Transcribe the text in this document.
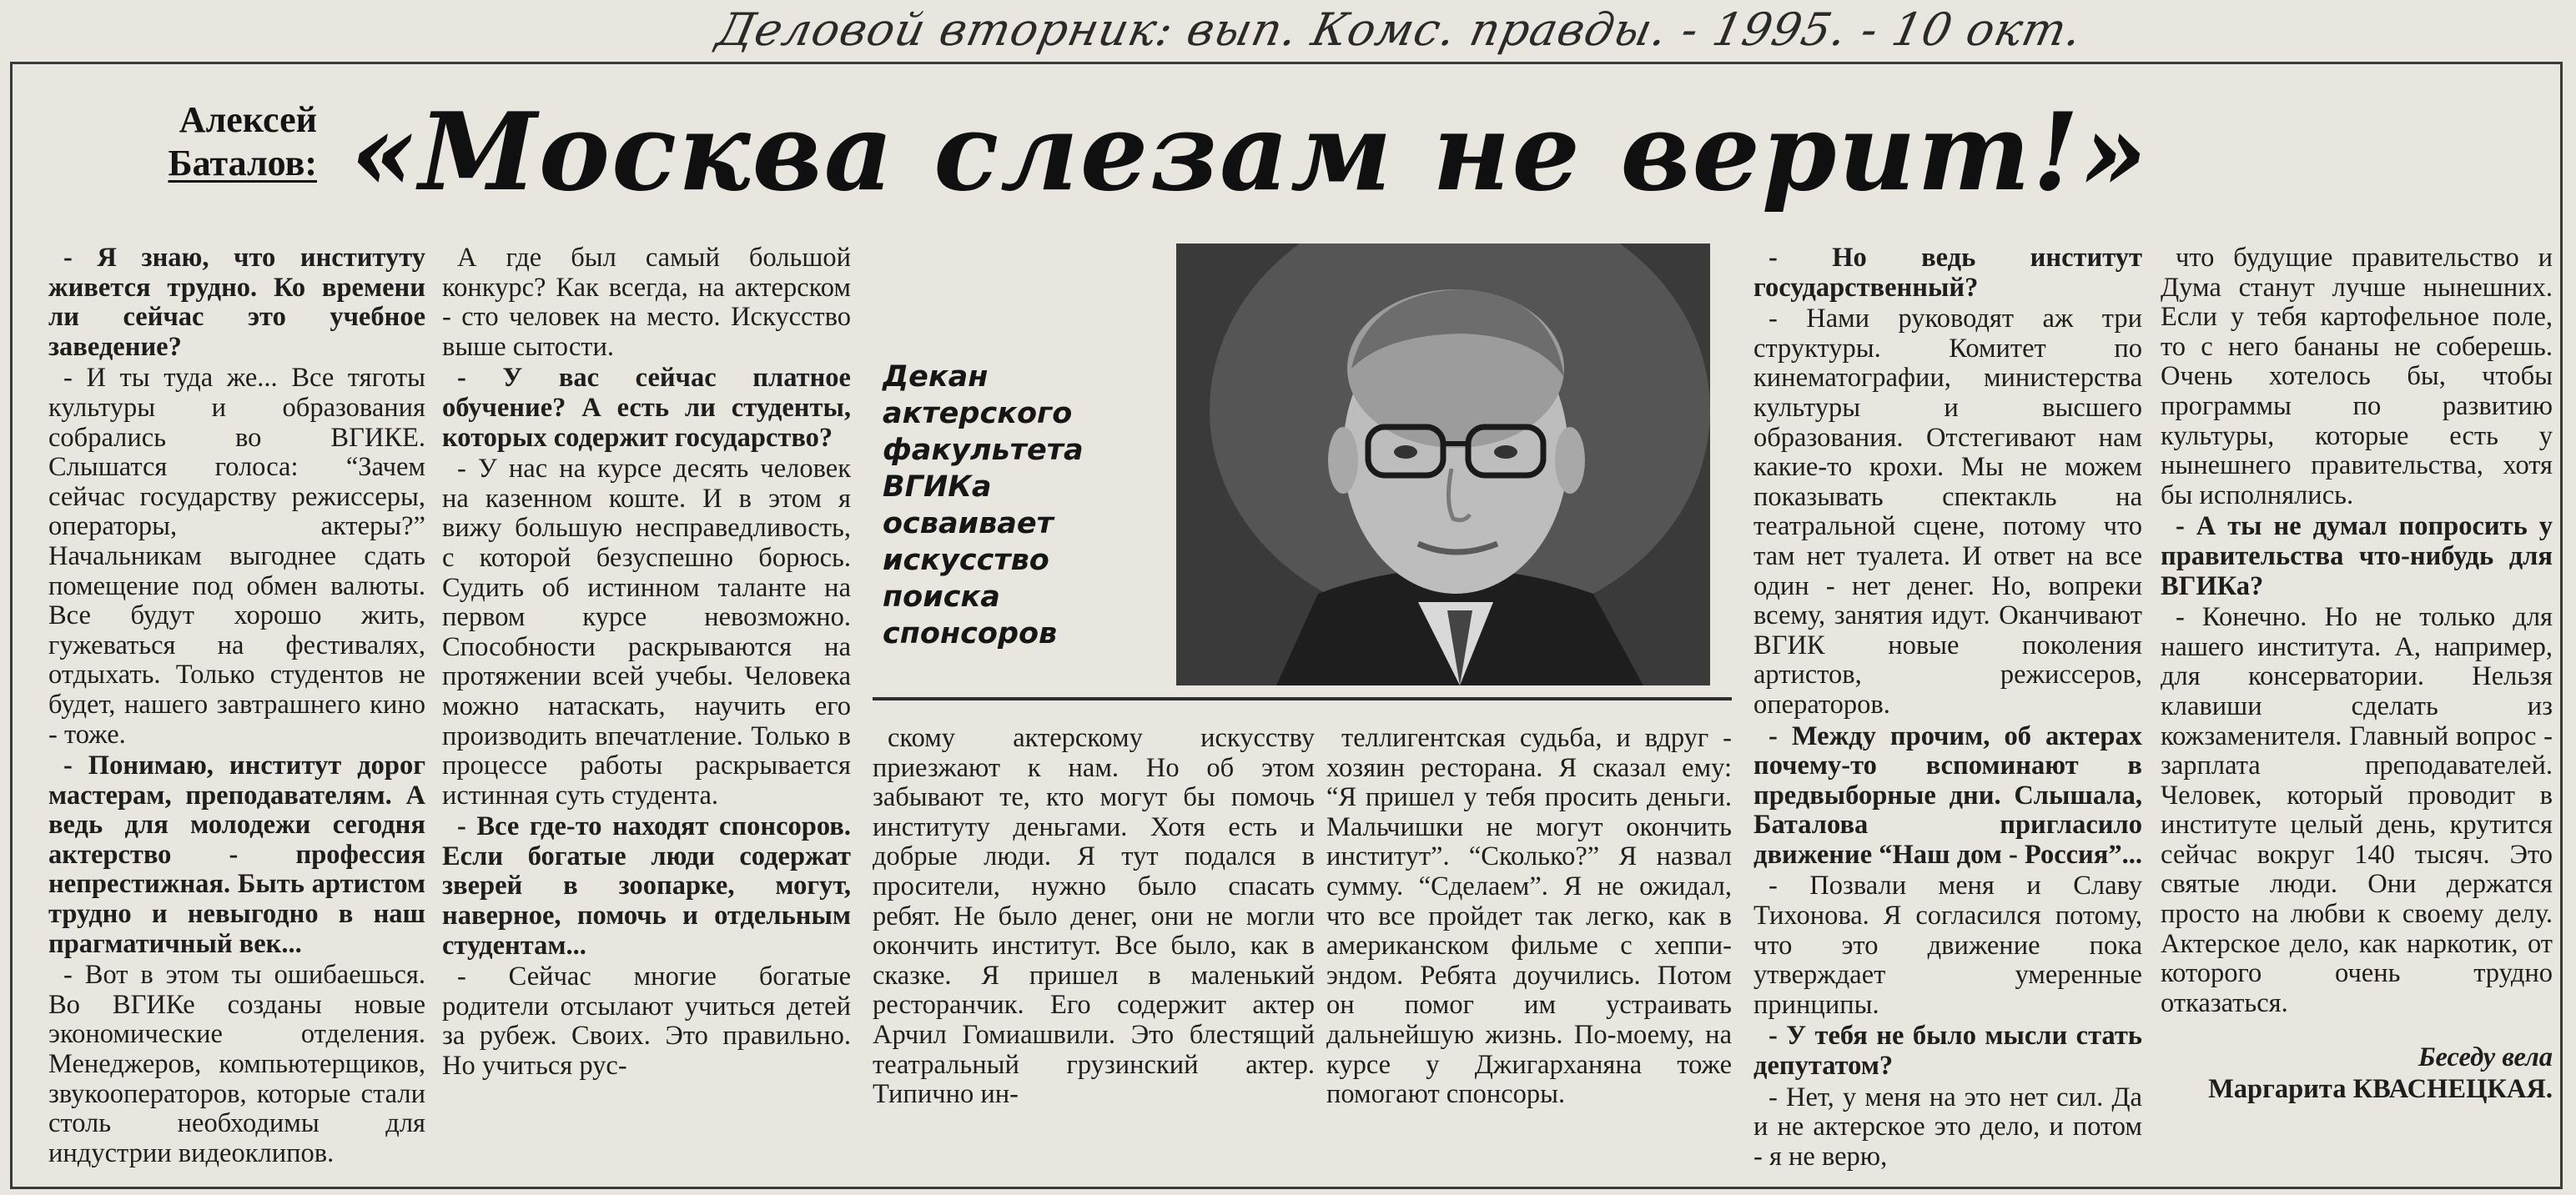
Деловой вторник: вып. Комс. правды. - 1995. - 10 окт.
Алексей
Баталов: «Москва слезам не верит!»

- Я знаю, что институту живется трудно. Ко времени ли сейчас это учебное заведение?

- И ты туда же... Все тяготы культуры и образования собрались во ВГИКЕ. Слышатся голоса: “Зачем сейчас государству режиссеры, операторы, актеры?” Начальникам выгоднее сдать помещение под обмен валюты. Все будут хорошо жить, гужеваться на фестивалях, отдыхать. Только студентов не будет, нашего завтрашнего кино - тоже.

- Понимаю, институт дорог мастерам, преподавателям. А ведь для молодежи сегодня актерство - профессия непрестижная. Быть артистом трудно и невыгодно в наш прагматичный век...

- Вот в этом ты ошибаешься. Во ВГИКе созданы новые экономические отделения. Менеджеров, компьютерщиков, звукооператоров, которые стали столь необходимы для индустрии видеоклипов.

А где был самый большой конкурс? Как всегда, на актерском - сто человек на место. Искусство выше сытости.

- У вас сейчас платное обучение? А есть ли студенты, которых содержит государство?

- У нас на курсе десять человек на казенном коште. И в этом я вижу большую несправедливость, с которой безуспешно борюсь. Судить об истинном таланте на первом курсе невозможно. Способности раскрываются на протяжении всей учебы. Человека можно натаскать, научить его производить впечатление. Только в процессе работы раскрывается истинная суть студента.

- Все где-то находят спонсоров. Если богатые люди содержат зверей в зоопарке, могут, наверное, помочь и отдельным студентам...

- Сейчас многие богатые родители отсылают учиться детей за рубеж. Своих. Это правильно. Но учиться рус-

Декан актерского факультета ВГИКа осваивает искусство поиска спонсоров

скому актерскому искусству приезжают к нам. Но об этом забывают те, кто могут бы помочь институту деньгами. Хотя есть и добрые люди. Я тут подался в просители, нужно было спасать ребят. Не было денег, они не могли окончить институт. Все было, как в сказке. Я пришел в маленький ресторанчик. Его содержит актер Арчил Гомиашвили. Это блестящий театральный грузинский актер. Типично ин-

теллигентская судьба, и вдруг - хозяин ресторана. Я сказал ему: “Я пришел у тебя просить деньги. Мальчишки не могут окончить институт”. “Сколько?” Я назвал сумму. “Сделаем”. Я не ожидал, что все пройдет так легко, как в американском фильме с хеппи-эндом. Ребята доучились. Потом он помог им устраивать дальнейшую жизнь. По-моему, на курсе у Джигарханяна тоже помогают спонсоры.

- Но ведь институт государственный?

- Нами руководят аж три структуры. Комитет по кинематографии, министерства культуры и высшего образования. Отстегивают нам какие-то крохи. Мы не можем показывать спектакль на театральной сцене, потому что там нет туалета. И ответ на все один - нет денег. Но, вопреки всему, занятия идут. Оканчивают ВГИК новые поколения артистов, режиссеров, операторов.

- Между прочим, об актерах почему-то вспоминают в предвыборные дни. Слышала, Баталова пригласило движение “Наш дом - Россия”...

- Позвали меня и Славу Тихонова. Я согласился потому, что это движение пока утверждает умеренные принципы.

- У тебя не было мысли стать депутатом?

- Нет, у меня на это нет сил. Да и не актерское это дело, и потом - я не верю,

что будущие правительство и Дума станут лучше нынешних. Если у тебя картофельное поле, то с него бананы не соберешь. Очень хотелось бы, чтобы программы по развитию культуры, которые есть у нынешнего правительства, хотя бы исполнялись.

- А ты не думал попросить у правительства что-нибудь для ВГИКа?

- Конечно. Но не только для нашего института. А, например, для консерватории. Нельзя клавиши сделать из кожзаменителя. Главный вопрос - зарплата преподавателей. Человек, который проводит в институте целый день, крутится сейчас вокруг 140 тысяч. Это святые люди. Они держатся просто на любви к своему делу. Актерское дело, как наркотик, от которого очень трудно отказаться.

Беседу вела

Маргарита КВАСНЕЦКАЯ.
